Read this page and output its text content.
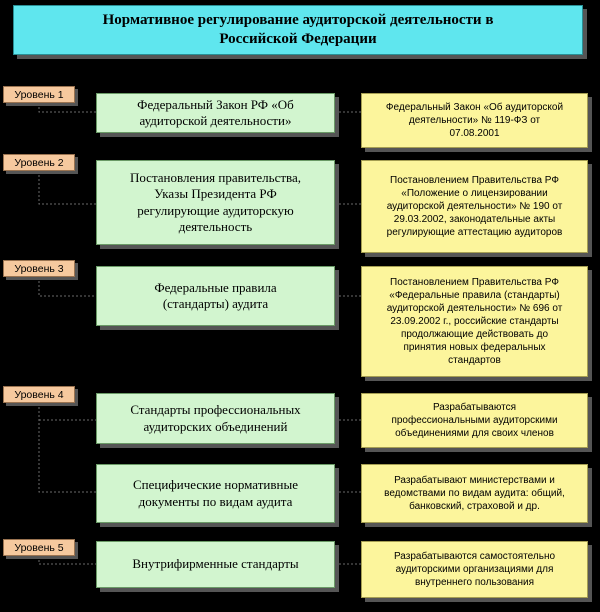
Нормативное регулирование аудиторской деятельности в
Российской Федерации
Уровень 1
Уровень 2
Уровень 3
Уровень 4
Уровень 5
Федеральный Закон РФ «Об
аудиторской деятельности»
Постановления правительства,
Указы Президента РФ
регулирующие аудиторскую
деятельность
Федеральные правила
(стандарты) аудита
Стандарты профессиональных
аудиторских объединений
Специфические нормативные
документы по видам аудита
Внутрифирменные стандарты
Федеральный Закон «Об аудиторской
деятельности» № 119-ФЗ от
07.08.2001
Постановлением Правительства РФ
«Положение о лицензировании
аудиторской деятельности» № 190 от
29.03.2002, законодательные акты
регулирующие аттестацию аудиторов
Постановлением Правительства РФ
«Федеральные правила (стандарты)
аудиторской деятельности» № 696 от
23.09.2002 г., российские стандарты
продолжающие действовать до
принятия новых федеральных
стандартов
Разрабатываются
профессиональными аудиторскими
объединениями для своих членов
Разрабатывают министерствами и
ведомствами по видам аудита: общий,
банковский, страховой и др.
Разрабатываются самостоятельно
аудиторскими организациями для
внутреннего пользования
